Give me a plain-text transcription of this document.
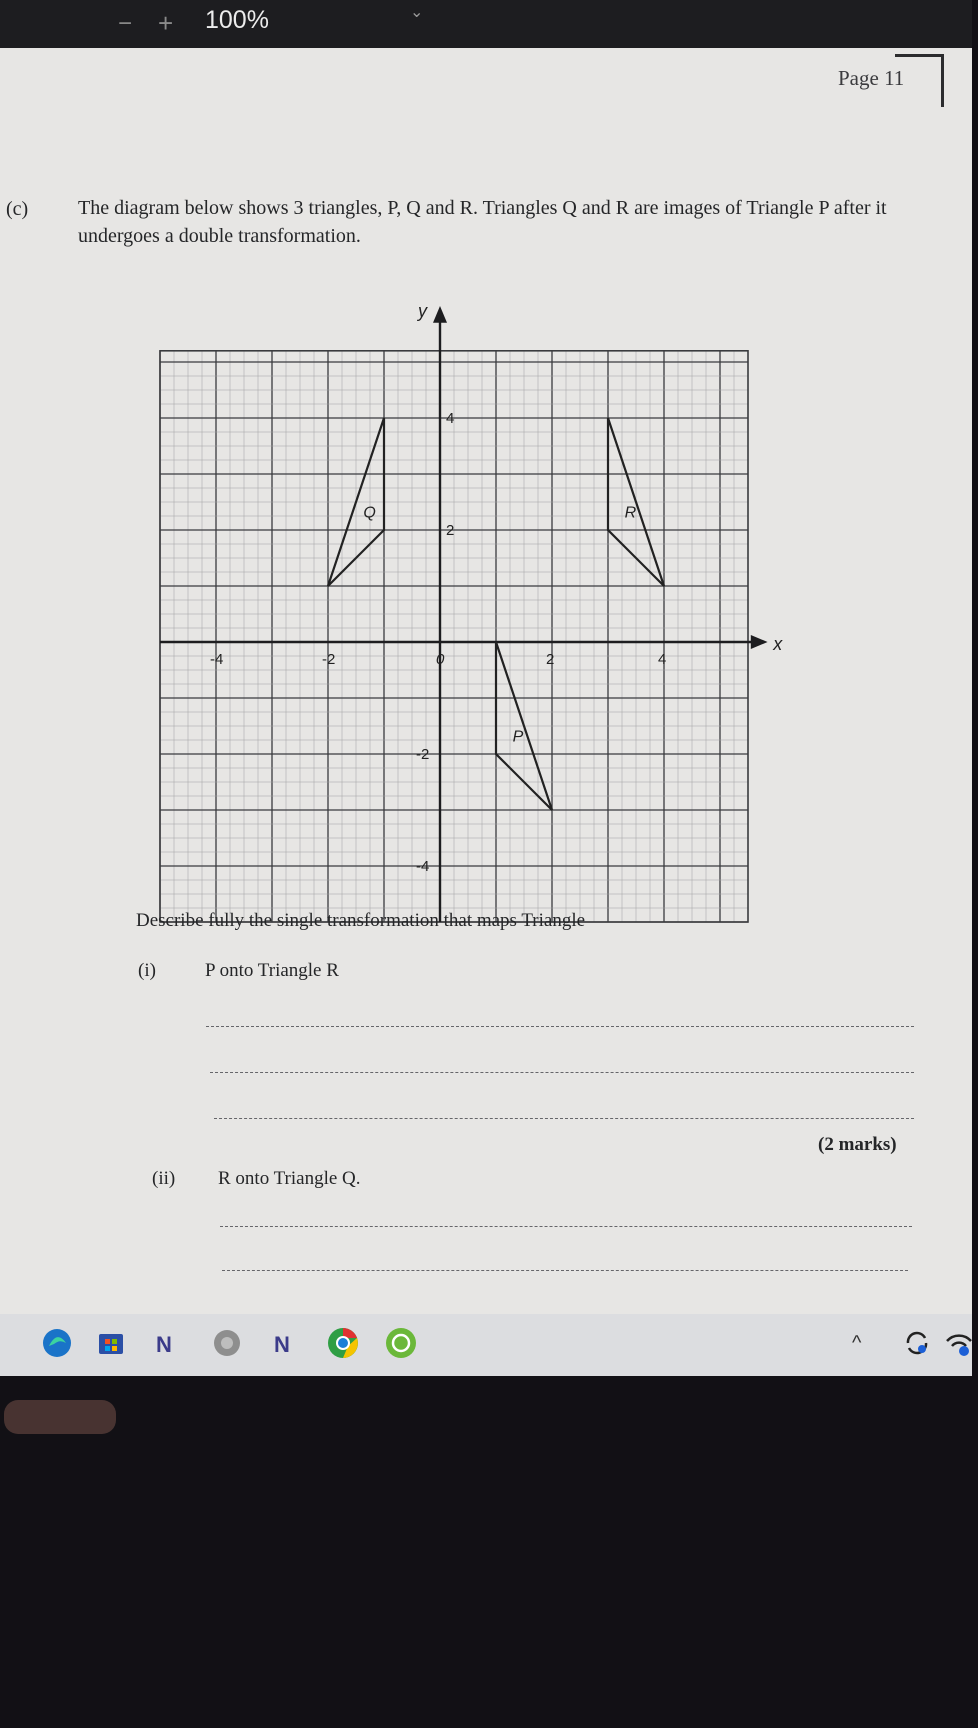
− + 100%	⌄
Page 11
(c) The diagram below shows 3 triangles, P, Q and R. Triangles Q and R are images of Triangle P after it undergoes a double transformation.
x
y
-4	-2	0	2	4
4
2
-2
-4
P
Q	R
Describe fully the single transformation that maps Triangle
(i)	P onto Triangle R
(2 marks)
(ii) R onto Triangle Q.
N	N	^
